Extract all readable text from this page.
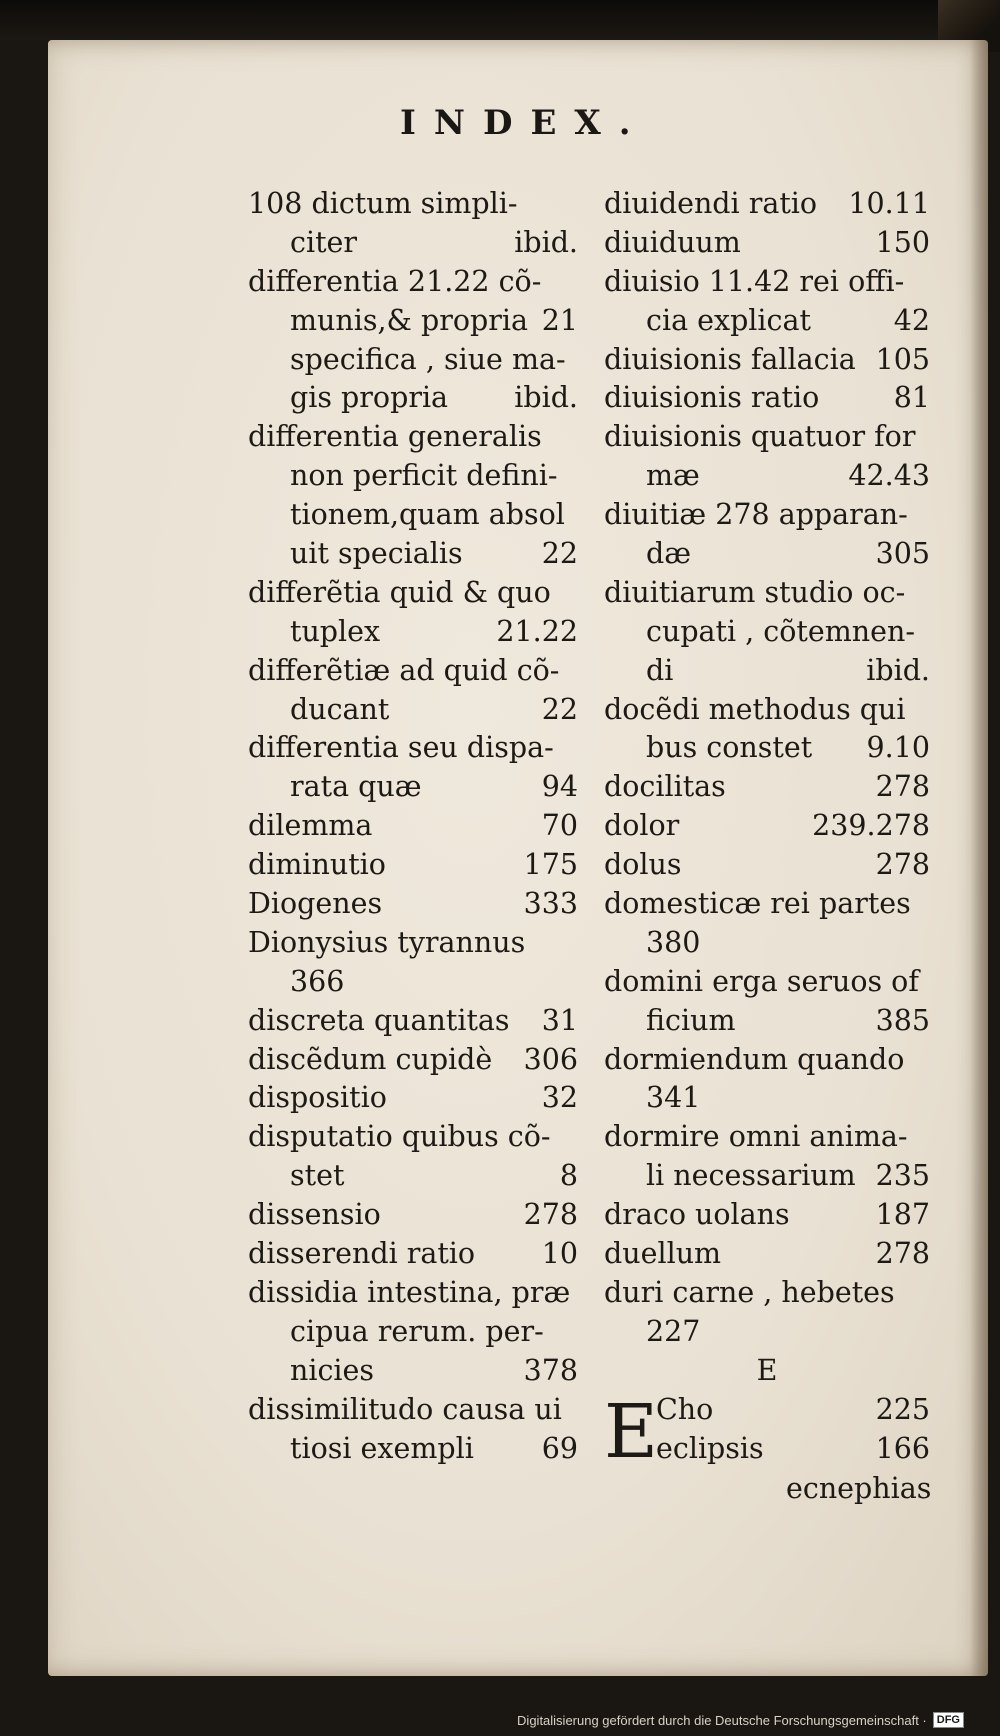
INDEX.
108 dictum simpli-
citer	ibid.
differentia 21.22 cõ-
munis,& propria 21
specifica , siue ma-
gis propria ibid.
differentia generalis
non perficit defini-
tionem,quam absol
uit specialis	22
differẽtia quid & quo
tuplex	21.22
differẽtiæ ad quid cõ-
ducant	22
differentia seu dispa-
rata quæ	94
dilemma	70
diminutio	175
Diogenes	333
Dionysius tyrannus
366
discreta quantitas 31
discẽdum cupidè 306
dispositio	32
disputatio quibus cõ-
stet	8
dissensio	278
disserendi ratio 10
dissidia intestina, præ
cipua rerum. per-
nicies	378
dissimilitudo causa ui
tiosi exempli 69
diuidendi ratio 10.11
diuiduum	150
diuisio 11.42 rei offi-
cia explicat	42
diuisionis fallacia 105
diuisionis ratio	81
diuisionis quatuor for
mæ	42.43
diuitiæ 278 apparan-
dæ	305
diuitiarum studio oc-
cupati , cõtemnen-
di	ibid.
docẽdi methodus qui
bus constet 9.10
docilitas	278
dolor	239.278
dolus	278
domesticæ rei partes
380
domini erga seruos of
ficium	385
dormiendum quando
341
dormire omni anima-
li necessarium 235
draco uolans	187
duellum	278
duri carne , hebetes
227
E
E
Cho	225
eclipsis	166
ecnephias
Digitalisierung gefördert durch die Deutsche Forschungsgemeinschaft · DFG
